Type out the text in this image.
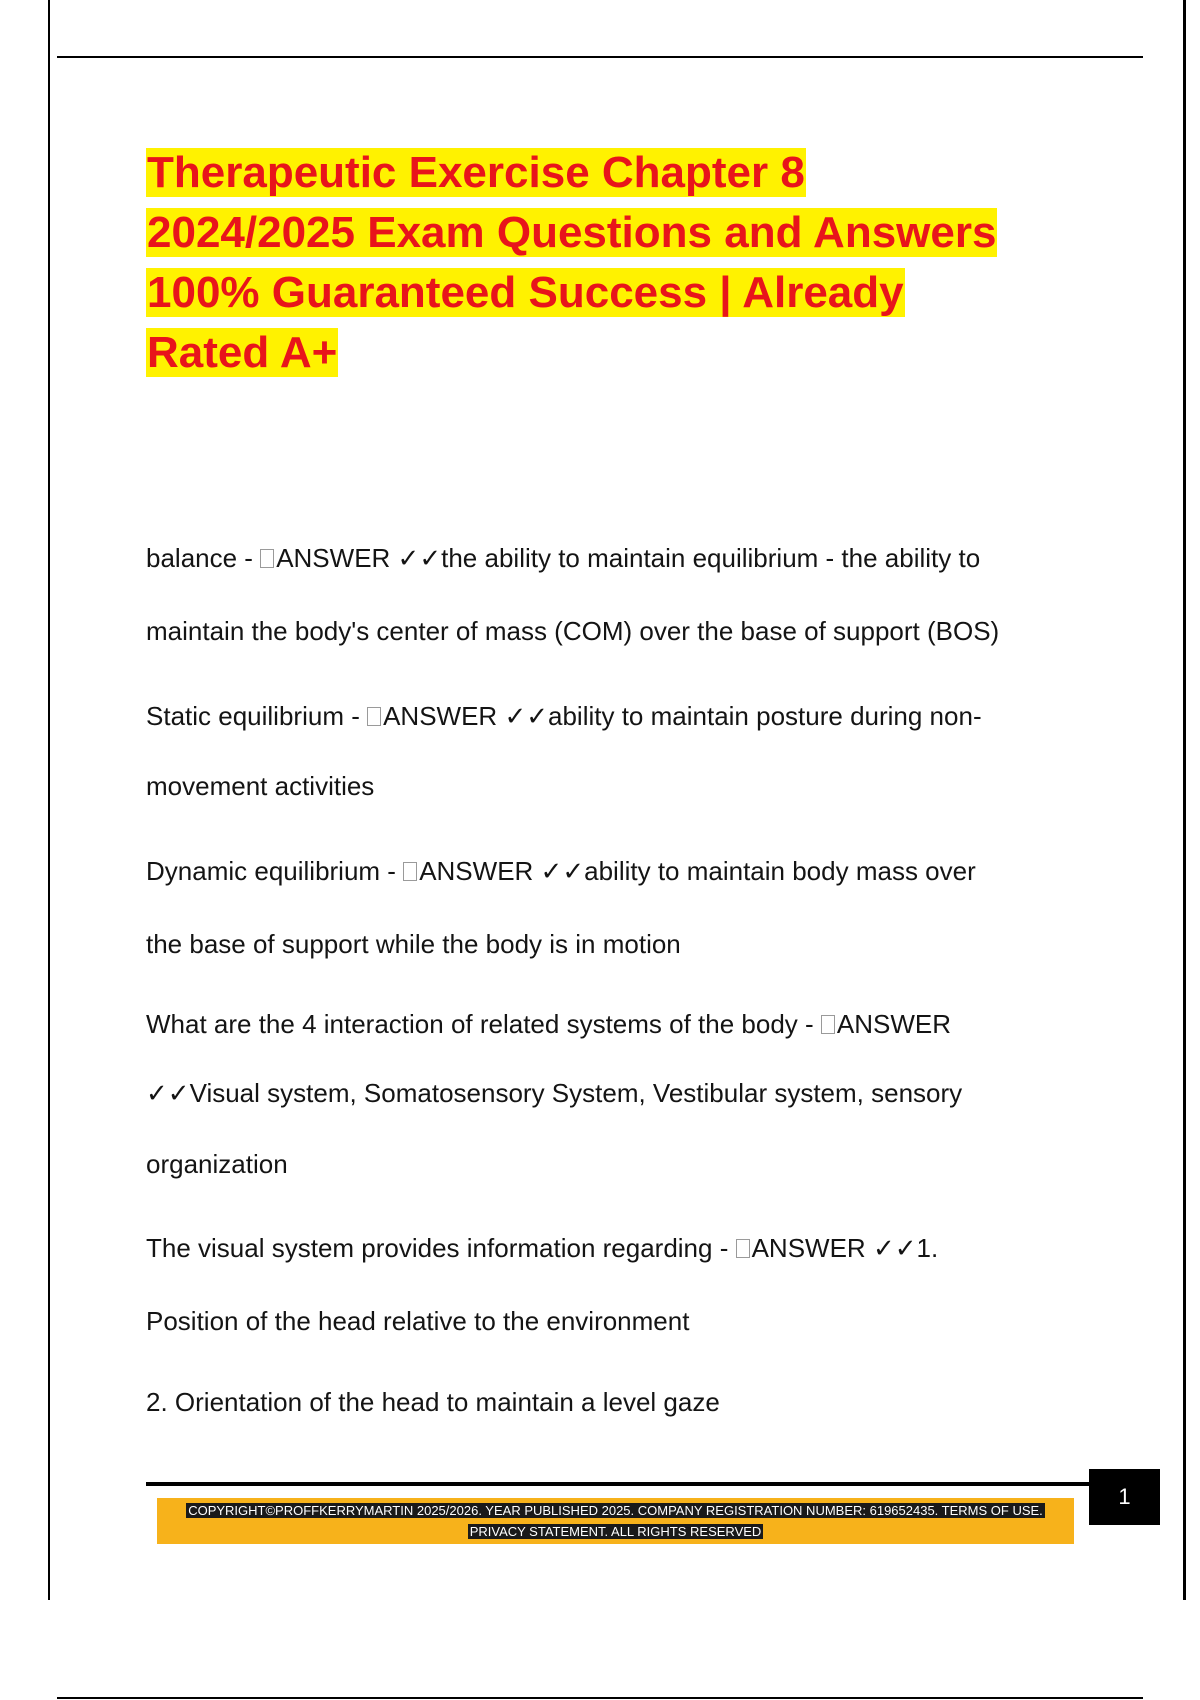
Therapeutic Exercise Chapter 8
2024/2025 Exam Questions and Answers
100% Guaranteed Success | Already
Rated A+
balance - ANSWER ✓✓the ability to maintain equilibrium - the ability to
maintain the body's center of mass (COM) over the base of support (BOS)
Static equilibrium - ANSWER ✓✓ability to maintain posture during non-
movement activities
Dynamic equilibrium - ANSWER ✓✓ability to maintain body mass over
the base of support while the body is in motion
What are the 4 interaction of related systems of the body - ANSWER
✓✓Visual system, Somatosensory System, Vestibular system, sensory
organization
The visual system provides information regarding - ANSWER ✓✓1.
Position of the head relative to the environment
2. Orientation of the head to maintain a level gaze
COPYRIGHT©PROFFKERRYMARTIN 2025/2026. YEAR PUBLISHED 2025. COMPANY REGISTRATION NUMBER: 619652435. TERMS OF USE.
PRIVACY STATEMENT. ALL RIGHTS RESERVED
1
